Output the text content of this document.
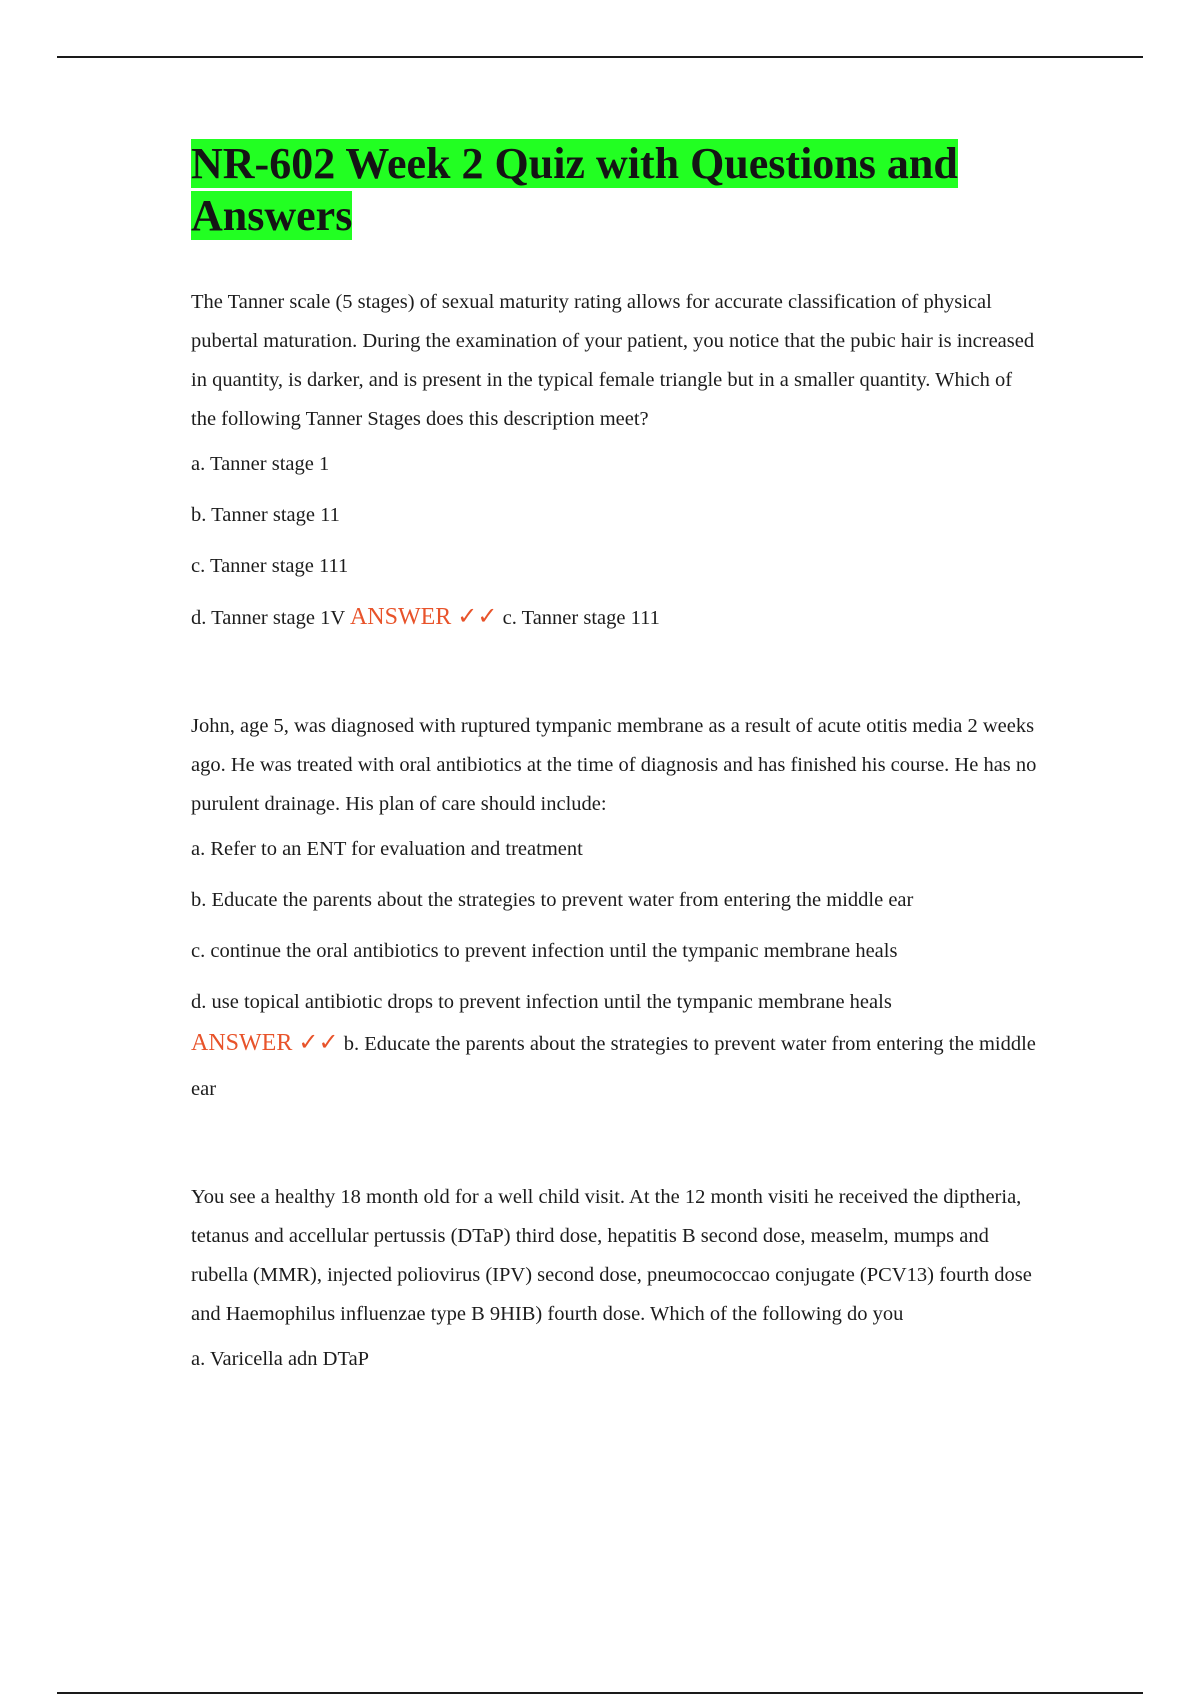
NR-602 Week 2 Quiz with Questions and Answers

The Tanner scale (5 stages) of sexual maturity rating allows for accurate classification of physical pubertal maturation. During the examination of your patient, you notice that the pubic hair is increased in quantity, is darker, and is present in the typical female triangle but in a smaller quantity. Which of the following Tanner Stages does this description meet?

a. Tanner stage 1

b. Tanner stage 11

c. Tanner stage 111

d. Tanner stage 1V ANSWER ✓✓ c. Tanner stage 111

John, age 5, was diagnosed with ruptured tympanic membrane as a result of acute otitis media 2 weeks ago. He was treated with oral antibiotics at the time of diagnosis and has finished his course. He has no purulent drainage. His plan of care should include:

a. Refer to an ENT for evaluation and treatment

b. Educate the parents about the strategies to prevent water from entering the middle ear

c. continue the oral antibiotics to prevent infection until the tympanic membrane heals

d. use topical antibiotic drops to prevent infection until the tympanic membrane heals

ANSWER ✓✓ b. Educate the parents about the strategies to prevent water from entering the middle ear

You see a healthy 18 month old for a well child visit. At the 12 month visiti he received the diptheria, tetanus and accellular pertussis (DTaP) third dose, hepatitis B second dose, measelm, mumps and rubella (MMR), injected poliovirus (IPV) second dose, pneumococcao conjugate (PCV13) fourth dose and Haemophilus influenzae type B 9HIB) fourth dose. Which of the following do you

a. Varicella adn DTaP
